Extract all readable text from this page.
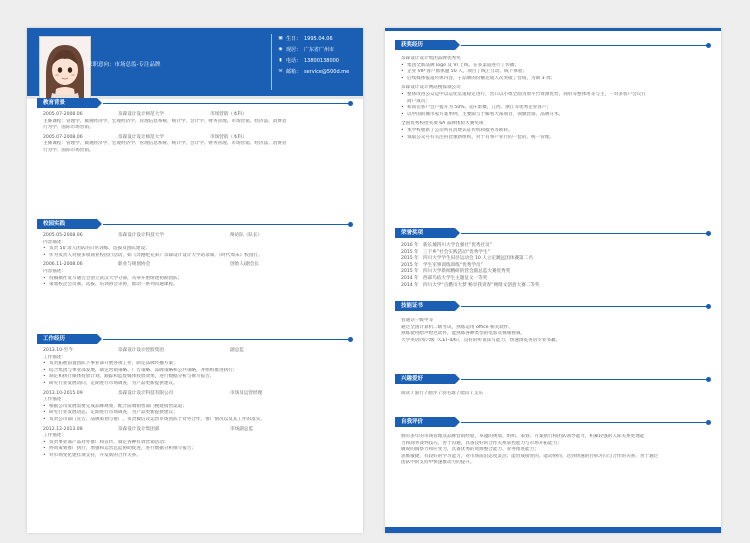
求职意向：市场总监-专注品牌
▣ 生日： 1995.04.06
◉ 现居： 广东省广州市
▮ 电话： 13800138000
✉ 邮箱： service@500d.me
教育背景
2005.07-2008.06	奈森设计设计师范大学	市场营销（本科）
主修课程：管理学、微观经济学、宏观经济学、管理信息系统、统计学、会计学、财务管理、市场营销、经济法、消费者
行为学、国际市场营销。
2005.07-2008.06	奈森设计设计师范大学	市场营销（本科）
主修课程：管理学、微观经济学、宏观经济学、管理信息系统、统计学、会计学、财务管理、市场营销、经济法、消费者
行为学、国际市场营销。
校园实践
2005.05-2008.06	奈森设计设计科技大学	辩论队（队长）
内容描述：
• 负责 50 余人团队的日常训练、选拔及团队建设；
• 作为负责人对接多项商业校园行活动，如《奔跑吧兄弟》奈森设计设计大学站录制、《时代周末》校园行。
2006.11-2008.06	职业与规划协会	创始人/副会长
内容描述：
• 投稿撰社发写通告会创立武汉大学分部，从零开始组建初期团队；
• 策划校企会员制、选拔、培训协会等协，推动一系列沟通课程。
工作经历
2013.10-至今	奈森设计设计控股集团	副总监
工作描述：
• 负责拓展前置团队下事业部开展各项工作，制定品牌传播方案；
• 结合集团与事业部发展，制定营销策略、广告策略、品牌策略和公共策略，并组织推进执行；
• 制定和执行媒体投放计划，跟踪和监督媒体投放效果，进行数据分析与撰写报告；
• 研究行业发展动向，定期进行市场调查，为产品更新提供建议。
2013.10-2015.09	奈森设计设计科技有限公司	市场及运营经理
工作描述：
• 根据公司发展需要完成品牌规划，配合前端销售部门搜建销售渠道；
• 研究行业发展动态，定期进行市场调查，为产品更新提供建议；
• 负责公司部门宣告，品牌策划与推广、负责微信及运营市场团队于对外合作、推广情况以及其工作的落实。
2012.12-2013.08	奈森设计设计集团部	市场副总监
工作描述：
• 负责事业部产品对外推广和宣传，制定各种有效营销活动；
• 协同策划推广执行，增强和运营总监协助促进，进行数据分析撰写报告；
• 对市场变化建挂项支持，开发新的合作关系。
获奖经历
奈森设计设计集团品牌优秀奖
• 集团全新品牌 logo 及 VI 上线，在多渠道进行了传播；
• 企业 VIP 客户群体逾 50 人，项目了线上互动、线下体验；
• 后续媒体报道传体内容，子品牌的份额达成人次突破了营销，为期 3 周；
奈森设计设计网站搜狐领公司
• 整体改进公众运中以运化贯道稳定进行，营口以小组全面为原平台资源优势，商府等整体用等与主，一对多客户会议行
商户成员；
• 和南岳客户会户提升为 50%，超+影摄，江西、浙江等优秀企业客户；
• 以中国的城市家方案单例，主要限与于解看大部项目，领旗营销、品牌升术。
全国优秀校招奖项 6A 品牌体验大赛奖项
• 本学校重新了公司所有消费认证传机和服务等助转。
• 领取公众号有关注科比重新组织，对于有事产业行的一套的，统一管理。
荣誉奖项
2016 年 新长城四川大学自强社“优秀社员”
2015 年 三下乡”社会实践活动“优秀学生”
2015 年 四川大学学生田径运动会 10 人立定跳远团体赛第二名
2015 年 学生军事训练训练“优秀学员”
2015 年 四川大学新闻精研的营会副总监大赛优秀奖
2014 年 西部鸟结大学生主题征文一等奖
2014 年 四川大学“点燃川大梦 畅享我青春”网络文创意大赛二等奖
技能证书
普通话一级甲等
通过全国计算机二级考试，熟练运用 office 相关软件。
熟练使用绘声绘色软件，能熟练各种类型的电影及视频视频。
大学英语四/六级（CET-4/6），良好的听说读写能力，快速浏览英语专业书籍。
兴趣爱好
阅读 / 旅行 / 跑步 / 羽毛球 / 爬山 / 支乐
自我评价
拥有多年的市场管理及品牌营销经验，卓越的规划、组织、策划、方案执行和团队领导能力，积累较强的人际关系处理能
力和商务谈判技巧，善于沟通，具备良好的合作关系掌控能力与市场开拓能力；
敏锐的洞察力和应变力，具备优秀的资源整合能力、业务推进能力；
思维敏捷，有较好的学习能力，对市场前沿态度灵活；能坦成接处的，能动协同，达到快速的目标方向与合作的关系，善于通过
团队中的支持中快速推动力的提升。
